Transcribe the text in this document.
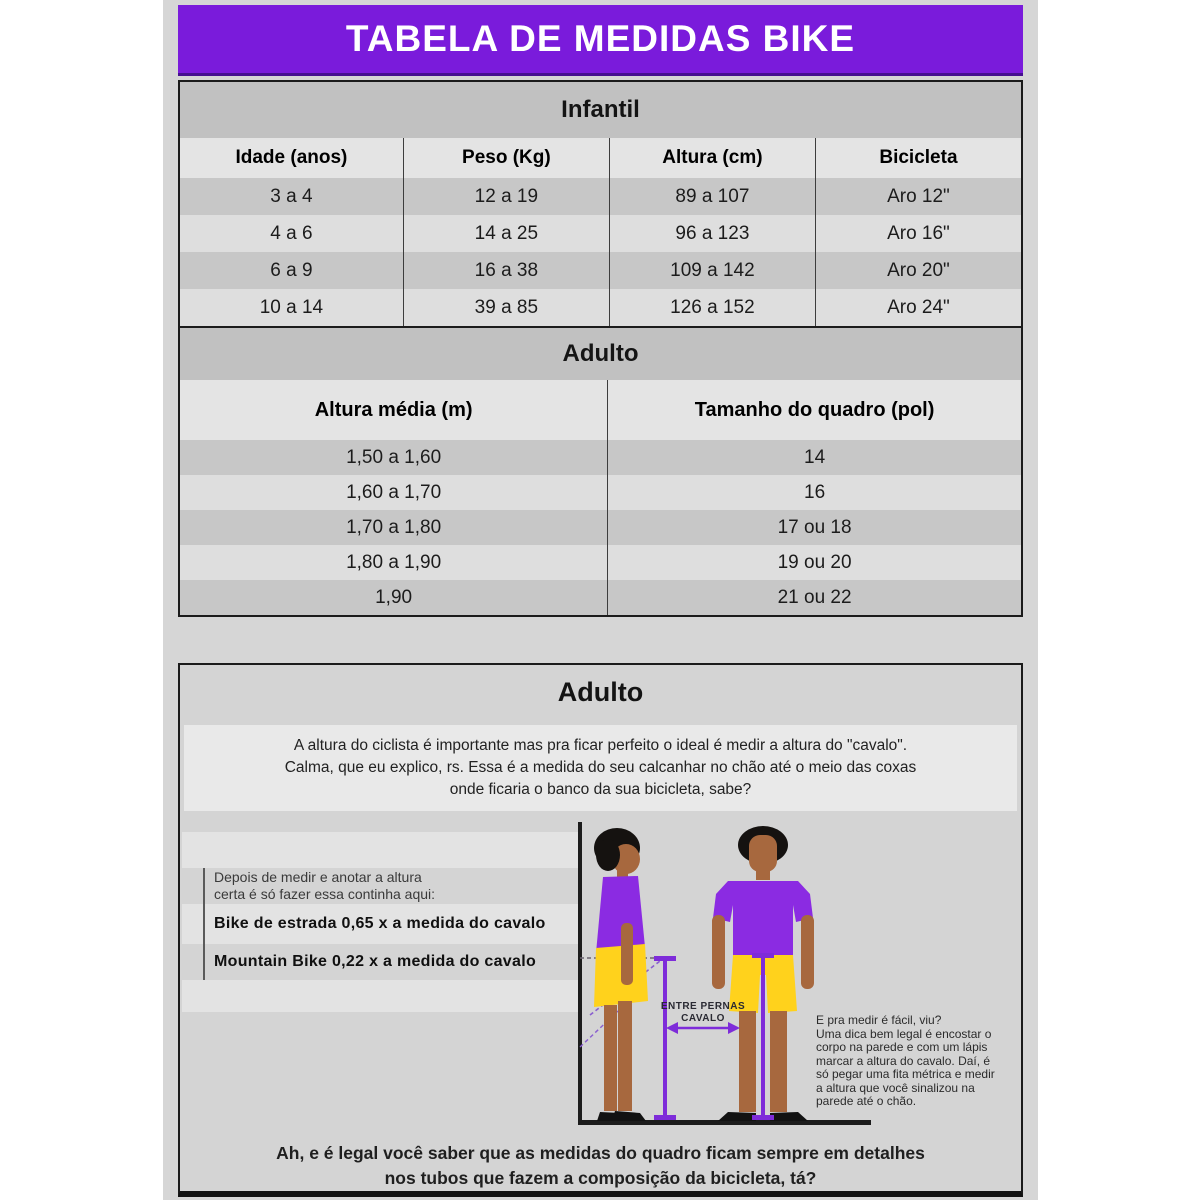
TABELA DE MEDIDAS BIKE
Infantil
Idade (anos)	Peso (Kg)	Altura (cm)	Bicicleta
3 a 4	12 a 19	89 a 107	Aro 12"
4 a 6	14 a 25	96 a 123	Aro 16"
6 a 9	16 a 38	109 a 142	Aro 20"
10 a 14	39 a 85	126 a 152	Aro 24"
Adulto
Altura média (m)	Tamanho do quadro (pol)
1,50 a 1,60	14
1,60 a 1,70	16
1,70 a 1,80	17 ou 18
1,80 a 1,90	19 ou 20
1,90	21 ou 22
Adulto
A altura do ciclista é importante mas pra ficar perfeito o ideal é medir a altura do "cavalo".
Calma, que eu explico, rs. Essa é a medida do seu calcanhar no chão até o meio das coxas
onde ficaria o banco da sua bicicleta, sabe?
Depois de medir e anotar a altura
certa é só fazer essa continha aqui:
Bike de estrada 0,65 x a medida do cavalo
Mountain Bike 0,22 x a medida do cavalo
ENTRE PERNAS
CAVALO	E pra medir é fácil, viu?
Uma dica bem legal é encostar o
corpo na parede e com um lápis
marcar a altura do cavalo. Daí, é
só pegar uma fita métrica e medir
a altura que você sinalizou na
parede até o chão.
Ah, e é legal você saber que as medidas do quadro ficam sempre em detalhes
nos tubos que fazem a composição da bicicleta, tá?
